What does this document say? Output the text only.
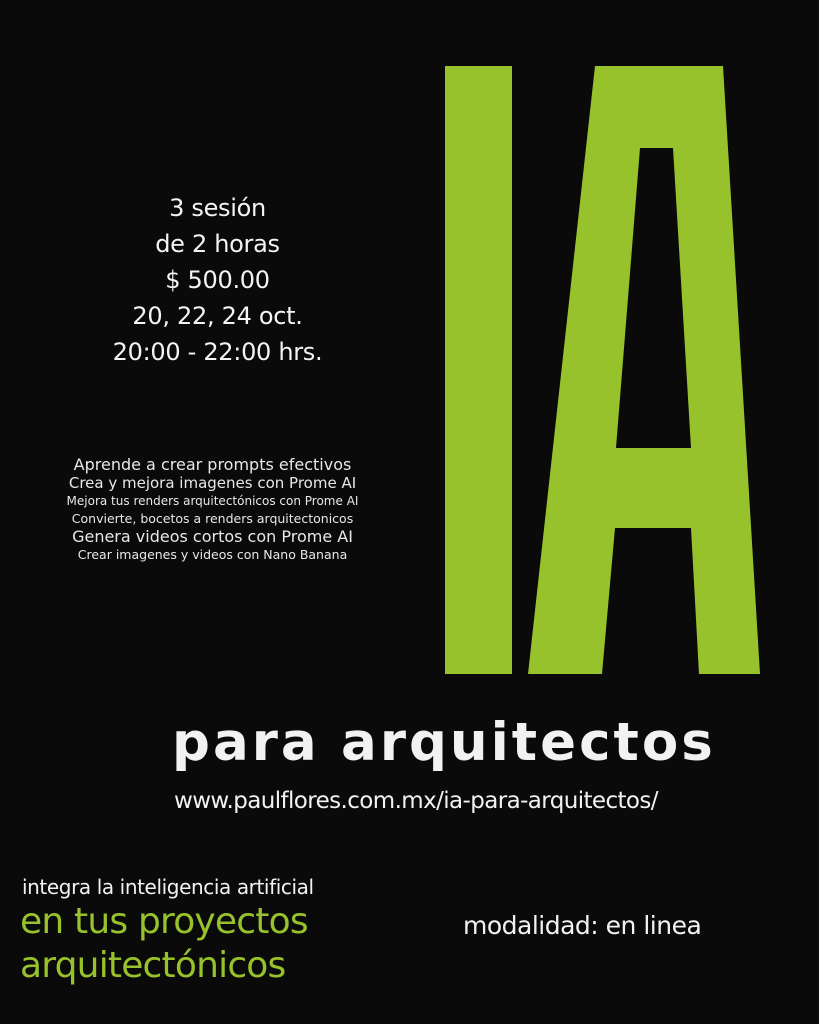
3 sesión
de 2 horas
$ 500.00
20, 22, 24 oct.
20:00 - 22:00 hrs.
Aprende a crear prompts efectivos
Crea y mejora imagenes con Prome AI
Mejora tus renders arquitectónicos con Prome AI
Convierte, bocetos a renders arquitectonicos
Genera videos cortos con Prome AI
Crear imagenes y videos con Nano Banana
para arquitectos
www.paulflores.com.mx/ia-para-arquitectos/
integra la inteligencia artificial
en tus proyectos
arquitectónicos
modalidad: en linea
